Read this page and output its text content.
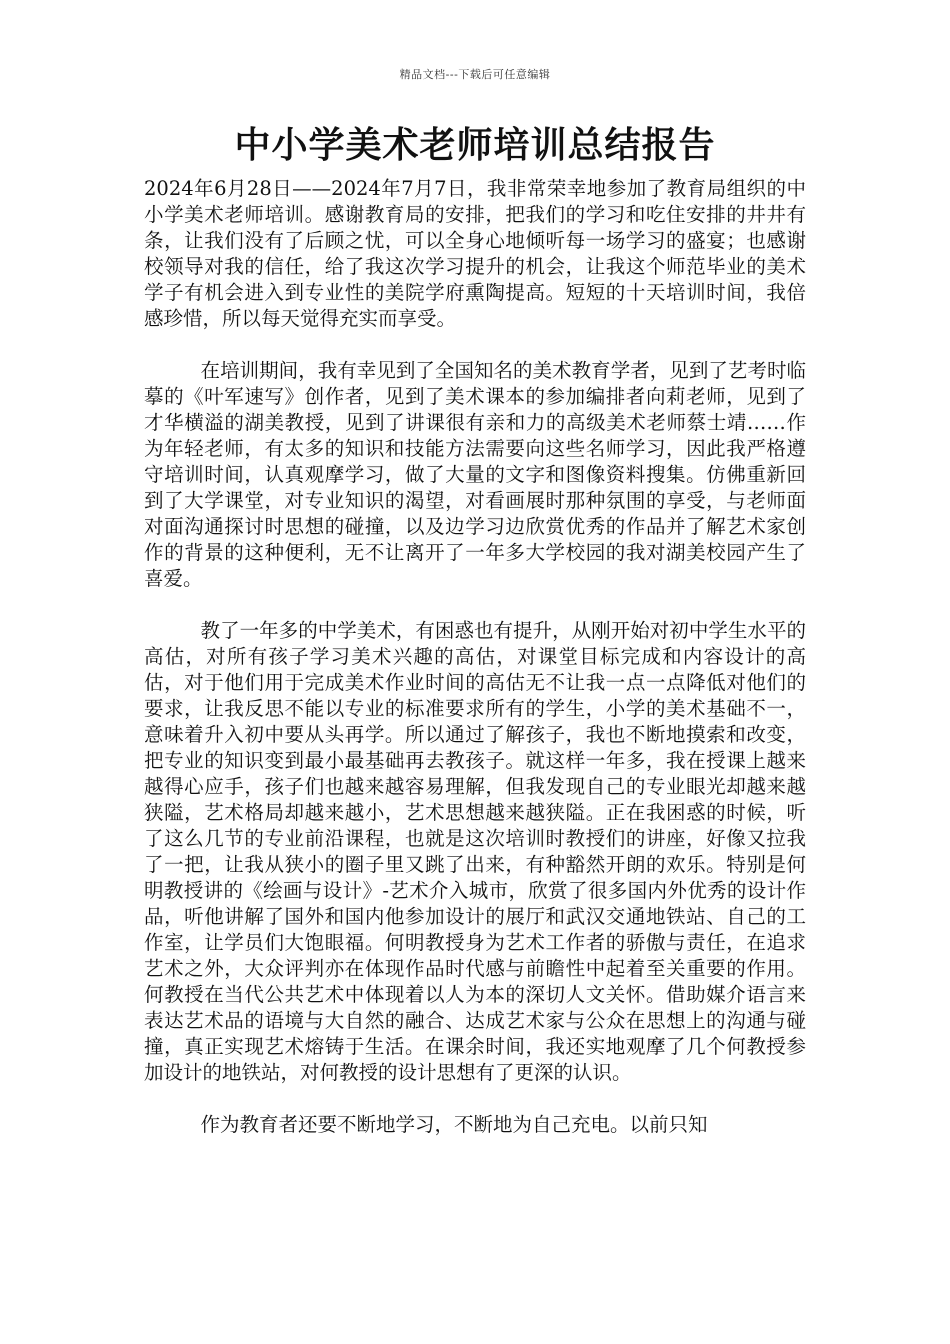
精品文档---下载后可任意编辑
中小学美术老师培训总结报告

2024年6月28日——2024年7月7日，我非常荣幸地参加了教育局组织的中小学美术老师培训。感谢教育局的安排，把我们的学习和吃住安排的井井有条，让我们没有了后顾之忧，可以全身心地倾听每一场学习的盛宴；也感谢校领导对我的信任，给了我这次学习提升的机会，让我这个师范毕业的美术学子有机会进入到专业性的美院学府熏陶提高。短短的十天培训时间，我倍感珍惜，所以每天觉得充实而享受。

在培训期间，我有幸见到了全国知名的美术教育学者，见到了艺考时临摹的《叶军速写》创作者，见到了美术课本的参加编排者向莉老师，见到了才华横溢的湖美教授，见到了讲课很有亲和力的高级美术老师蔡士靖……作为年轻老师，有太多的知识和技能方法需要向这些名师学习，因此我严格遵守培训时间，认真观摩学习，做了大量的文字和图像资料搜集。仿佛重新回到了大学课堂，对专业知识的渴望，对看画展时那种氛围的享受，与老师面对面沟通探讨时思想的碰撞，以及边学习边欣赏优秀的作品并了解艺术家创作的背景的这种便利，无不让离开了一年多大学校园的我对湖美校园产生了喜爱。

教了一年多的中学美术，有困惑也有提升，从刚开始对初中学生水平的高估，对所有孩子学习美术兴趣的高估，对课堂目标完成和内容设计的高估，对于他们用于完成美术作业时间的高估无不让我一点一点降低对他们的要求，让我反思不能以专业的标准要求所有的学生，小学的美术基础不一，意味着升入初中要从头再学。所以通过了解孩子，我也不断地摸索和改变，把专业的知识变到最小最基础再去教孩子。就这样一年多，我在授课上越来越得心应手，孩子们也越来越容易理解，但我发现自己的专业眼光却越来越狭隘，艺术格局却越来越小，艺术思想越来越狭隘。正在我困惑的时候，听了这么几节的专业前沿课程，也就是这次培训时教授们的讲座，好像又拉我了一把，让我从狭小的圈子里又跳了出来，有种豁然开朗的欢乐。特别是何明教授讲的《绘画与设计》-艺术介入城市，欣赏了很多国内外优秀的设计作品，听他讲解了国外和国内他参加设计的展厅和武汉交通地铁站、自己的工作室，让学员们大饱眼福。何明教授身为艺术工作者的骄傲与责任，在追求艺术之外，大众评判亦在体现作品时代感与前瞻性中起着至关重要的作用。何教授在当代公共艺术中体现着以人为本的深切人文关怀。借助媒介语言来表达艺术品的语境与大自然的融合、达成艺术家与公众在思想上的沟通与碰撞，真正实现艺术熔铸于生活。在课余时间，我还实地观摩了几个何教授参加设计的地铁站，对何教授的设计思想有了更深的认识。

作为教育者还要不断地学习，不断地为自己充电。以前只知
